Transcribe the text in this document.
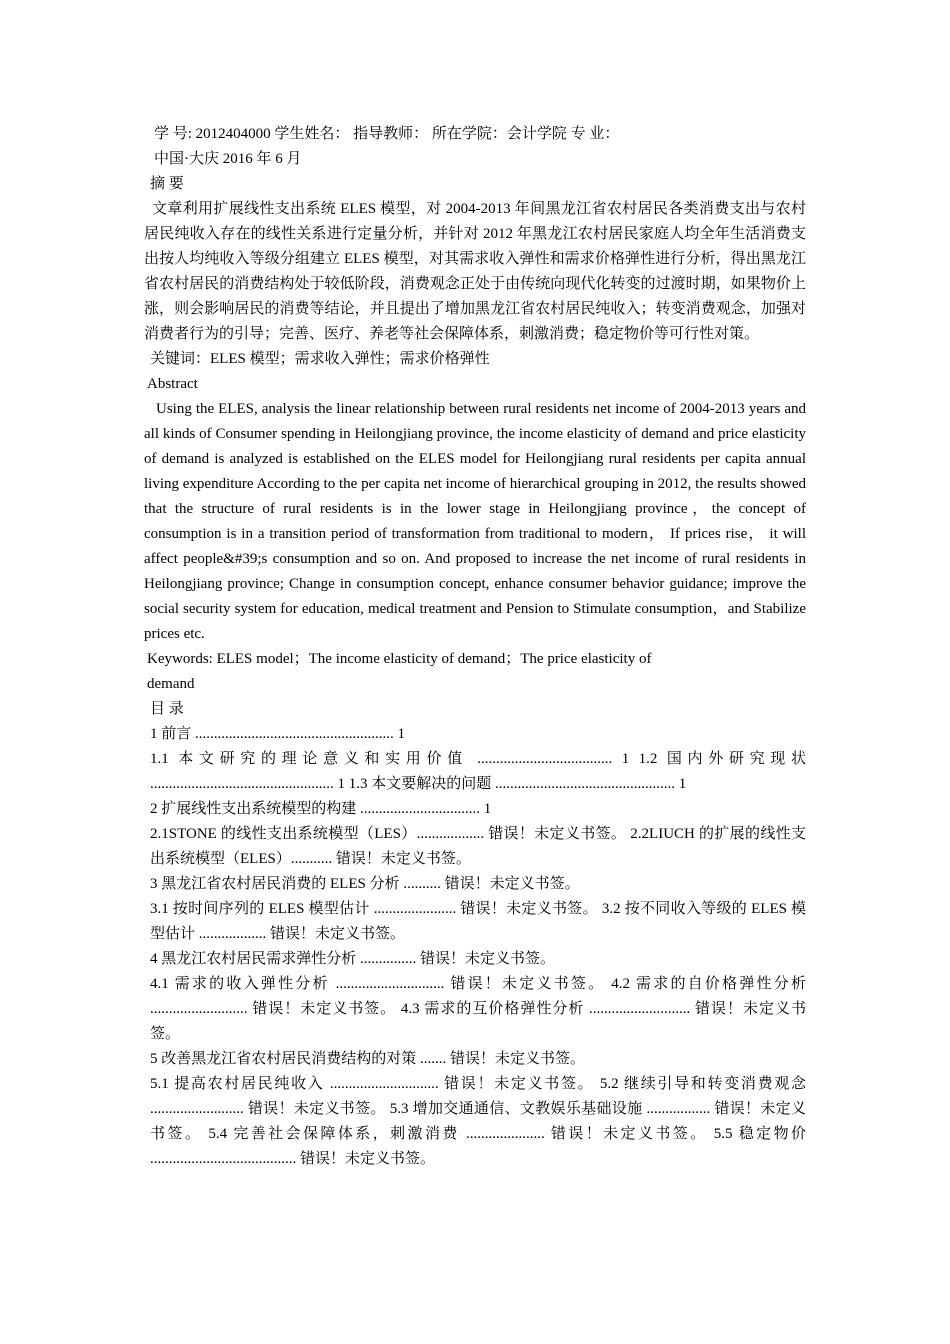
学 号: 2012404000 学生姓名： 指导教师： 所在学院：会计学院 专 业：

中国·大庆 2016 年 6 月

摘 要

文章利用扩展线性支出系统 ELES 模型，对 2004-2013 年间黑龙江省农村居民各类消费支出与农村居民纯收入存在的线性关系进行定量分析，并针对 2012 年黑龙江农村居民家庭人均全年生活消费支出按人均纯收入等级分组建立 ELES 模型，对其需求收入弹性和需求价格弹性进行分析，得出黑龙江省农村居民的消费结构处于较低阶段，消费观念正处于由传统向现代化转变的过渡时期，如果物价上涨，则会影响居民的消费等结论，并且提出了增加黑龙江省农村居民纯收入；转变消费观念，加强对消费者行为的引导；完善、医疗、养老等社会保障体系，刺激消费；稳定物价等可行性对策。

关键词：ELES 模型；需求收入弹性；需求价格弹性

Abstract

Using the ELES, analysis the linear relationship between rural residents net income of 2004-2013 years and all kinds of Consumer spending in Heilongjiang province, the income elasticity of demand and price elasticity of demand is analyzed is established on the ELES model for Heilongjiang rural residents per capita annual living expenditure According to the per capita net income of hierarchical grouping in 2012, the results showed that the structure of rural residents is in the lower stage in Heilongjiang province，the concept of consumption is in a transition period of transformation from traditional to modern， If prices rise， it will affect people&#39;s consumption and so on. And proposed to increase the net income of rural residents in Heilongjiang province; Change in consumption concept, enhance consumer behavior guidance; improve the social security system for education, medical treatment and Pension to Stimulate consumption，and Stabilize prices etc.

Keywords: ELES model；The income elasticity of demand；The price elasticity of

demand

目 录

1 前言 ..................................................... 1

1.1 本文研究的理论意义和实用价值 .................................... 1 1.2 国内外研究现状 ................................................. 1 1.3 本文要解决的问题 ................................................ 1

2 扩展线性支出系统模型的构建 ................................ 1

2.1STONE 的线性支出系统模型（LES）.................. 错误！未定义书签。 2.2LIUCH 的扩展的线性支出系统模型（ELES）........... 错误！未定义书签。

3 黑龙江省农村居民消费的 ELES 分析 .......... 错误！未定义书签。

3.1 按时间序列的 ELES 模型估计 ...................... 错误！未定义书签。 3.2 按不同收入等级的 ELES 模型估计 .................. 错误！未定义书签。

4 黑龙江农村居民需求弹性分析 ............... 错误！未定义书签。

4.1 需求的收入弹性分析 ............................. 错误！未定义书签。 4.2 需求的自价格弹性分析 .......................... 错误！未定义书签。 4.3 需求的互价格弹性分析 ........................... 错误！未定义书签。

5 改善黑龙江省农村居民消费结构的对策 ....... 错误！未定义书签。

5.1 提高农村居民纯收入 ............................. 错误！未定义书签。 5.2 继续引导和转变消费观念 ......................... 错误！未定义书签。 5.3 增加交通通信、文教娱乐基础设施 ................. 错误！未定义书签。 5.4 完善社会保障体系，刺激消费 ..................... 错误！未定义书签。 5.5 稳定物价 ....................................... 错误！未定义书签。
